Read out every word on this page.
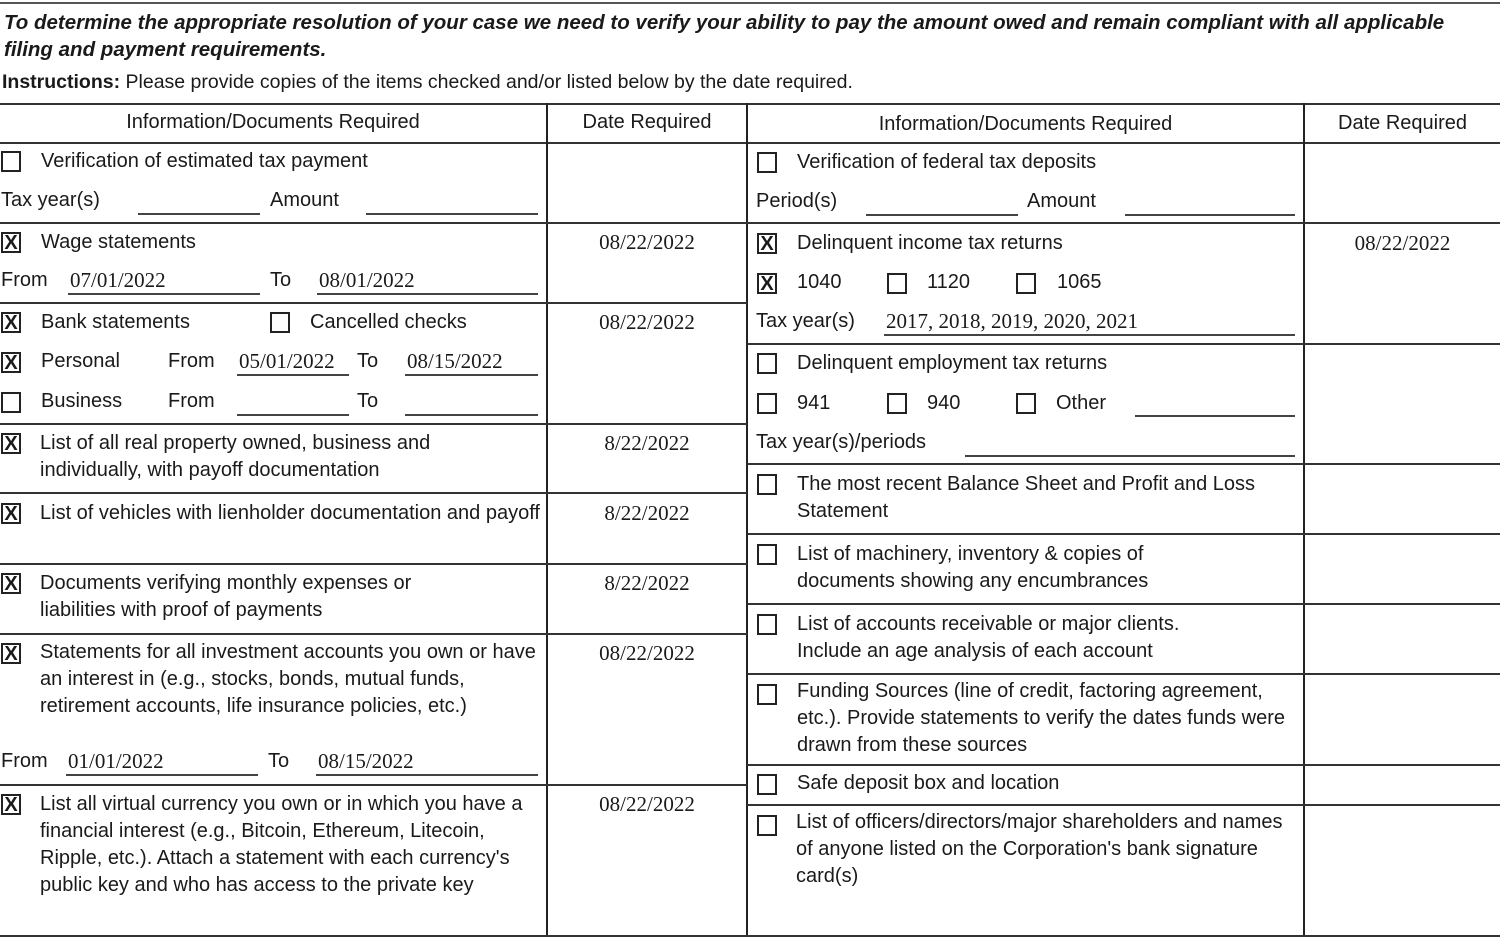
To determine the appropriate resolution of your case we need to verify your ability to pay the amount owed and remain compliant with all applicable filing and payment requirements.
Instructions: Please provide copies of the items checked and/or listed below by the date required.
Information/Documents Required	Date Required	Information/Documents Required	Date Required
Verification of estimated tax payment
Tax year(s)	Amount
X Wage statements	08/22/2022
From 07/01/2022	To 08/01/2022
X Bank statements	Cancelled checks	08/22/2022
X Personal From 05/01/2022 To 08/15/2022
Business From	To
X List of all real property owned, business and individually, with payoff documentation
8/22/2022
X List of vehicles with lienholder documentation and payoff	8/22/2022
X Documents verifying monthly expenses or liabilities with proof of payments
8/22/2022
X Statements for all investment accounts you own or have an interest in (e.g., stocks, bonds, mutual funds, retirement accounts, life insurance policies, etc.)
08/22/2022
From 01/01/2022	To 08/15/2022
X List all virtual currency you own or in which you have a financial interest (e.g., Bitcoin, Ethereum, Litecoin, Ripple, etc.). Attach a statement with each currency's public key and who has access to the private key
08/22/2022
Verification of federal tax deposits
Period(s)	Amount
X Delinquent income tax returns	08/22/2022
X 1040	1120	1065
Tax year(s) 2017, 2018, 2019, 2020, 2021
Delinquent employment tax returns
941	940	Other
Tax year(s)/periods
The most recent Balance Sheet and Profit and Loss Statement
List of machinery, inventory & copies of documents showing any encumbrances
List of accounts receivable or major clients. Include an age analysis of each account
Funding Sources (line of credit, factoring agreement, etc.). Provide statements to verify the dates funds were drawn from these sources
Safe deposit box and location
List of officers/directors/major shareholders and names of anyone listed on the Corporation's bank signature card(s)
